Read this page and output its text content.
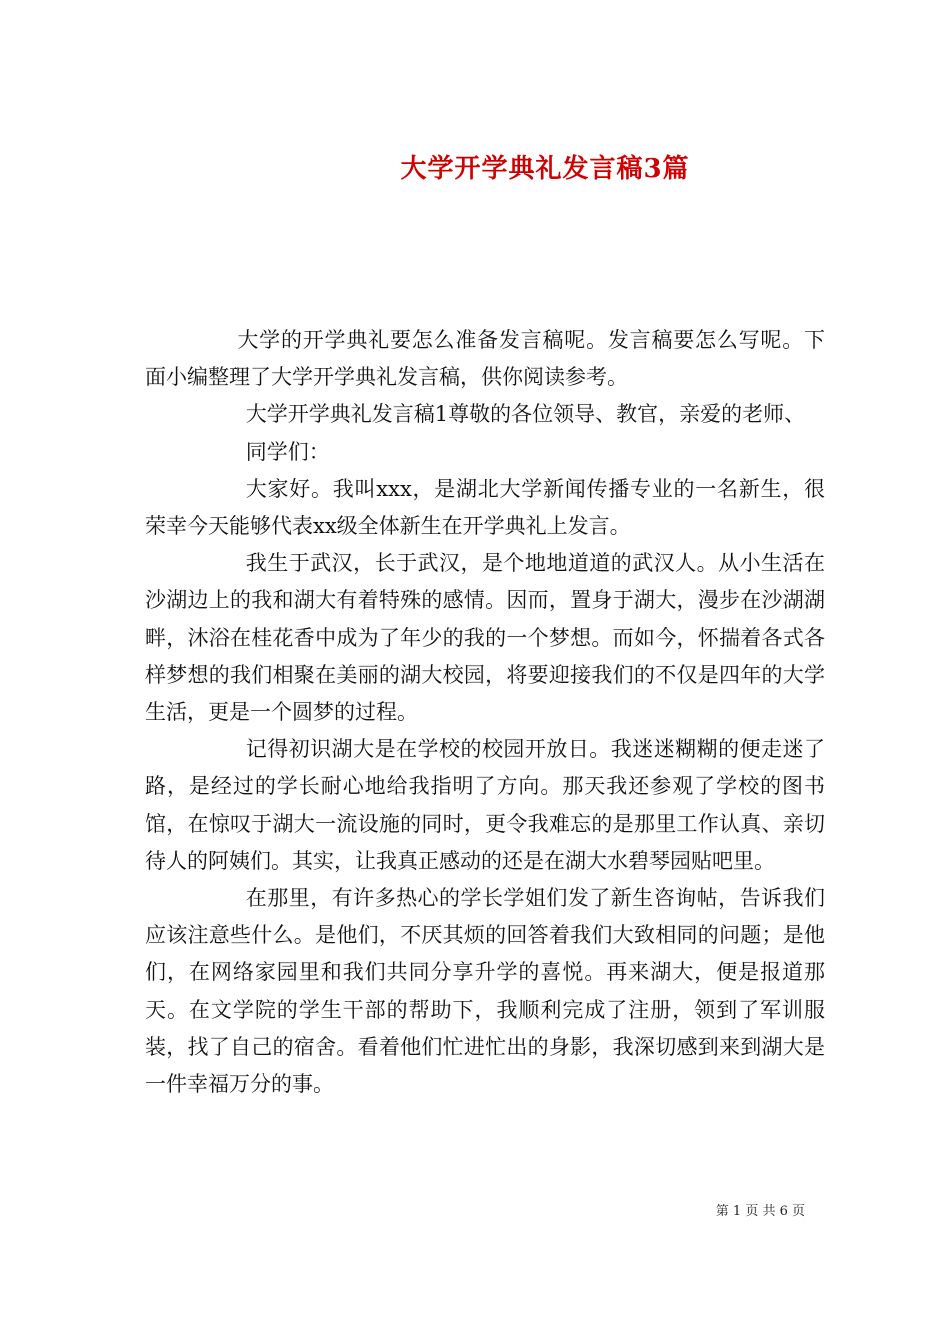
大学开学典礼发言稿3篇

大学的开学典礼要怎么准备发言稿呢。发言稿要怎么写呢。下面小编整理了大学开学典礼发言稿，供你阅读参考。

大学开学典礼发言稿1尊敬的各位领导、教官，亲爱的老师、

同学们：

大家好。我叫xxx，是湖北大学新闻传播专业的一名新生，很荣幸今天能够代表xx级全体新生在开学典礼上发言。

我生于武汉，长于武汉，是个地地道道的武汉人。从小生活在沙湖边上的我和湖大有着特殊的感情。因而，置身于湖大，漫步在沙湖湖畔，沐浴在桂花香中成为了年少的我的一个梦想。而如今，怀揣着各式各样梦想的我们相聚在美丽的湖大校园，将要迎接我们的不仅是四年的大学生活，更是一个圆梦的过程。

记得初识湖大是在学校的校园开放日。我迷迷糊糊的便走迷了路，是经过的学长耐心地给我指明了方向。那天我还参观了学校的图书馆，在惊叹于湖大一流设施的同时，更令我难忘的是那里工作认真、亲切待人的阿姨们。其实，让我真正感动的还是在湖大水碧琴园贴吧里。

在那里，有许多热心的学长学姐们发了新生咨询帖，告诉我们应该注意些什么。是他们，不厌其烦的回答着我们大致相同的问题；是他们，在网络家园里和我们共同分享升学的喜悦。再来湖大，便是报道那天。在文学院的学生干部的帮助下，我顺利完成了注册，领到了军训服装，找了自己的宿舍。看着他们忙进忙出的身影，我深切感到来到湖大是一件幸福万分的事。

第 1 页 共 6 页
